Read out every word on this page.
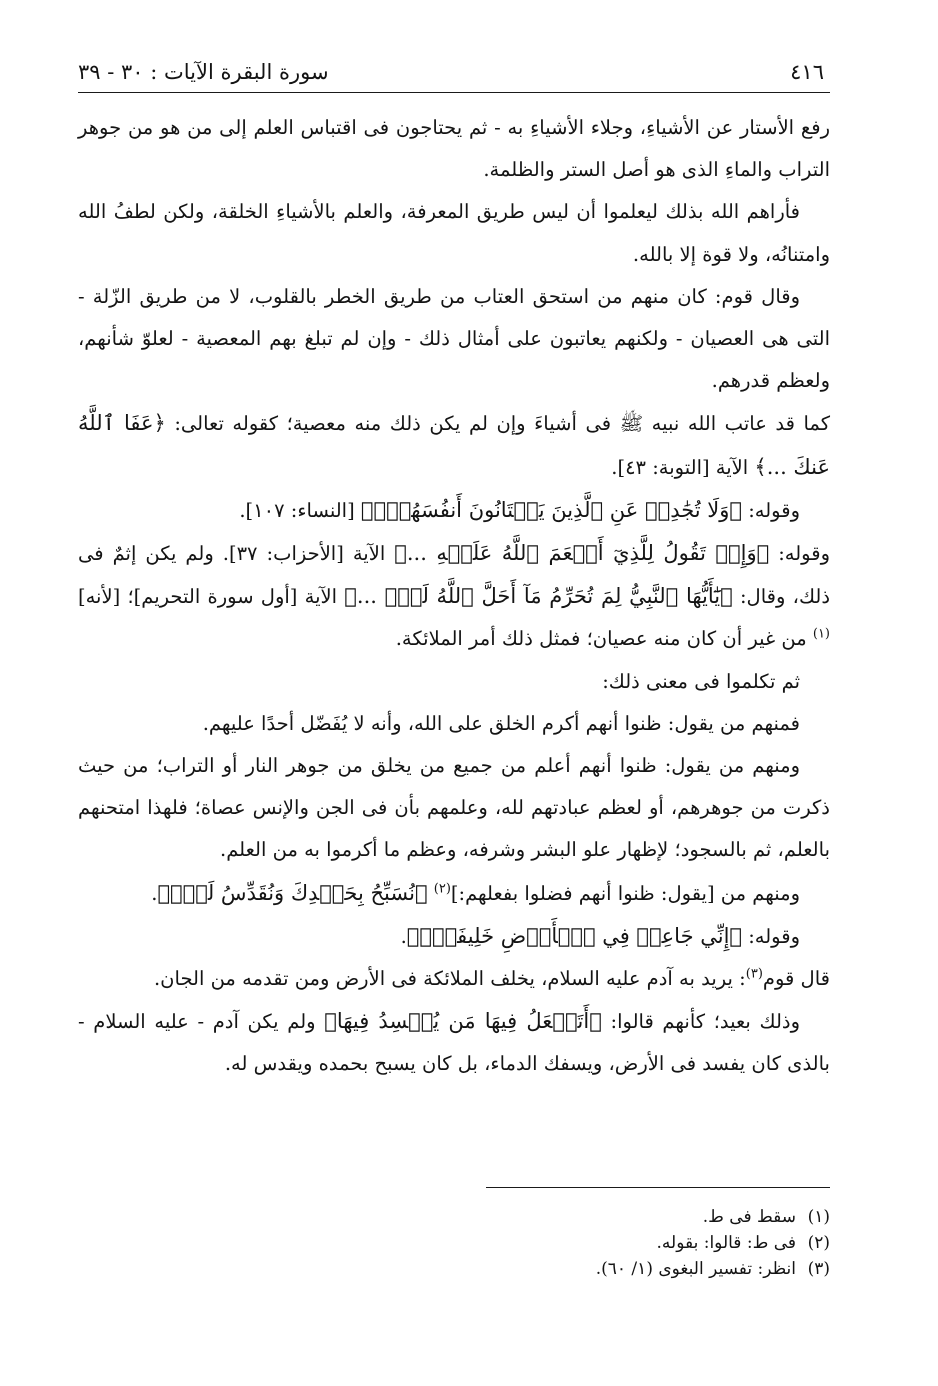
٤١٦
سورة البقرة الآيات : ٣٠ - ٣٩

رفع الأستار عن الأشياءِ، وجلاء الأشياءِ به - ثم يحتاجون فى اقتباس العلم إلى من هو من جوهر التراب والماءِ الذى هو أصل الستر والظلمة.

فأراهم الله بذلك ليعلموا أن ليس طريق المعرفة، والعلم بالأشياءِ الخلقة، ولكن لطفُ الله وامتنانُه، ولا قوة إلا بالله.

وقال قوم: كان منهم من استحق العتاب من طريق الخطر بالقلوب، لا من طريق الزّلة - التى هى العصيان - ولكنهم يعاتبون على أمثال ذلك - وإن لم تبلغ بهم المعصية - لعلوّ شأنهم، ولعظم قدرهم.

كما قد عاتب الله نبيه ﷺ فى أشياءَ وإن لم يكن ذلك منه معصية؛ كقوله تعالى: ﴿عَفَا ٱللَّهُ عَنكَ ...﴾ الآية [التوبة: ٤٣].

وقوله: ﴿وَلَا تُجَٰدِلۡ عَنِ ٱلَّذِينَ يَخۡتَانُونَ أَنفُسَهُمۡۚ﴾ [النساء: ١٠٧].

وقوله: ﴿وَإِذۡ تَقُولُ لِلَّذِيٓ أَنۡعَمَ ٱللَّهُ عَلَيۡهِ ...﴾ الآية [الأحزاب: ٣٧]. ولم يكن إثمٌ فى ذلك، وقال: ﴿يَٰٓأَيُّهَا ٱلنَّبِيُّ لِمَ تُحَرِّمُ مَآ أَحَلَّ ٱللَّهُ لَكَۖ ...﴾ الآية [أول سورة التحريم]؛ [لأنه]$^{(١)}$ من غير أن كان منه عصيان؛ فمثل ذلك أمر الملائكة.

ثم تكلموا فى معنى ذلك:

فمنهم من يقول: ظنوا أنهم أكرم الخلق على الله، وأنه لا يُفَضّل أحدًا عليهم.

ومنهم من يقول: ظنوا أنهم أعلم من جميع من يخلق من جوهر النار أو التراب؛ من حيث ذكرت من جوهرهم، أو لعظم عبادتهم لله، وعلمهم بأن فى الجن والإنس عصاة؛ فلهذا امتحنهم بالعلم، ثم بالسجود؛ لإظهار علو البشر وشرفه، وعظم ما أكرموا به من العلم.

ومنهم من [يقول: ظنوا أنهم فضلوا بفعلهم:]$^{(٢)}$ ﴿نُسَبِّحُ بِحَمۡدِكَ وَنُقَدِّسُ لَكَۖ﴾.

وقوله: ﴿إِنِّي جَاعِلٞ فِي ٱلۡأَرۡضِ خَلِيفَةٗۖ﴾.

قال قوم$^{(٣)}$: يريد به آدم عليه السلام، يخلف الملائكة فى الأرض ومن تقدمه من الجان.

وذلك بعيد؛ كأنهم قالوا: ﴿أَتَجۡعَلُ فِيهَا مَن يُفۡسِدُ فِيهَا﴾ ولم يكن آدم - عليه السلام - بالذى كان يفسد فى الأرض، ويسفك الدماء، بل كان يسبح بحمده ويقدس له.

(١)سقط فى ط.

(٢)فى ط: قالوا: بقوله.

(٣)انظر: تفسير البغوى (١/ ٦٠).
